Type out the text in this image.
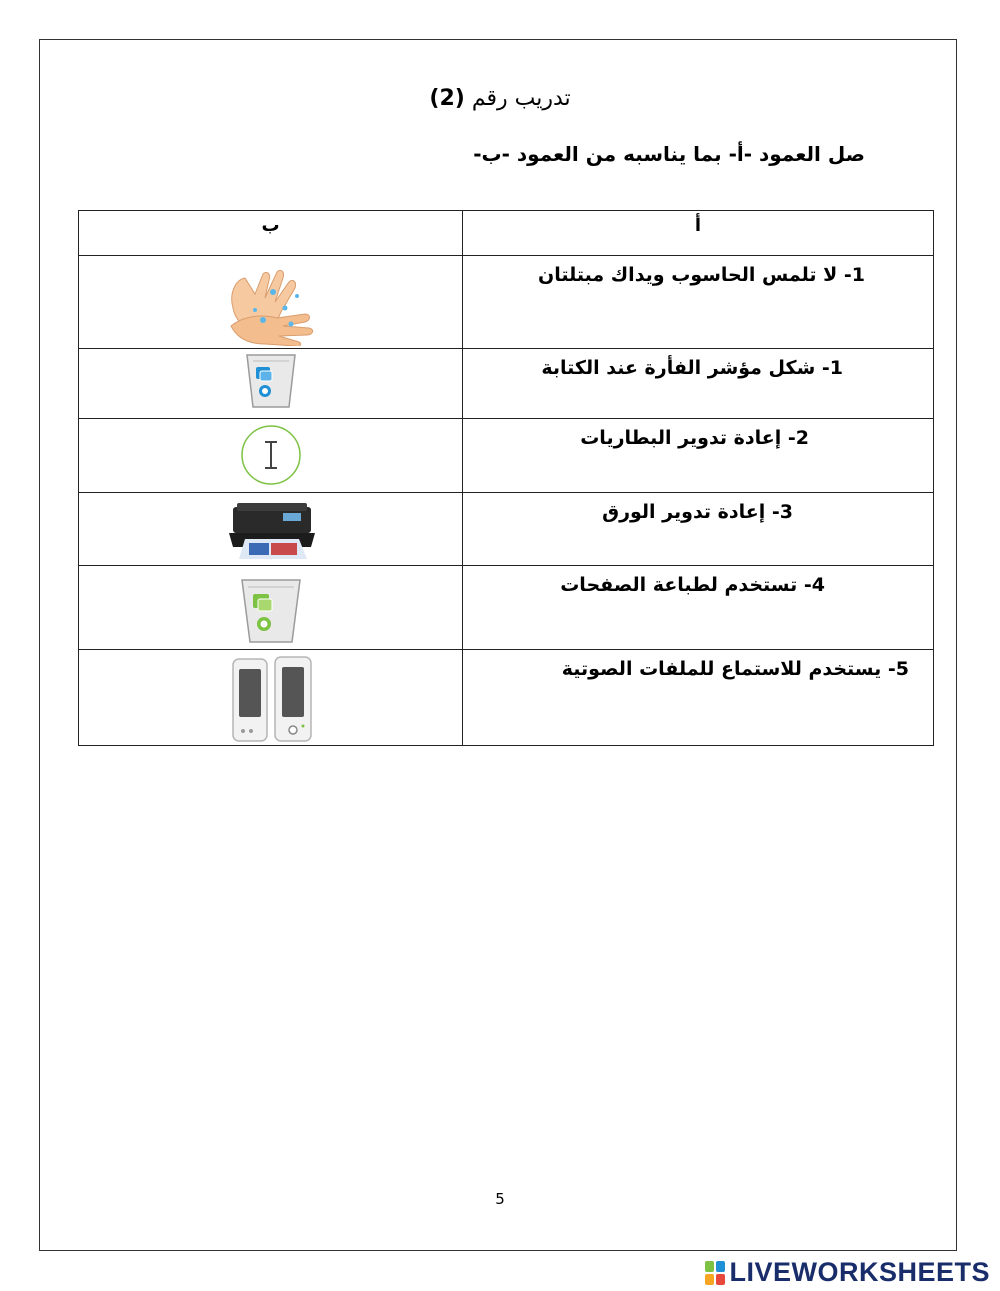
تدريب رقم (2)
صل العمود -أ- بما يناسبه من العمود -ب-
ب	أ

1- لا تلمس الحاسوب ويداك مبتلتان

1- شكل مؤشر الفأرة عند الكتابة

2- إعادة تدوير البطاريات

3- إعادة تدوير الورق

4- تستخدم لطباعة الصفحات

5- يستخدم للاستماع للملفات الصوتية
5
LIVEWORKSHEETS
